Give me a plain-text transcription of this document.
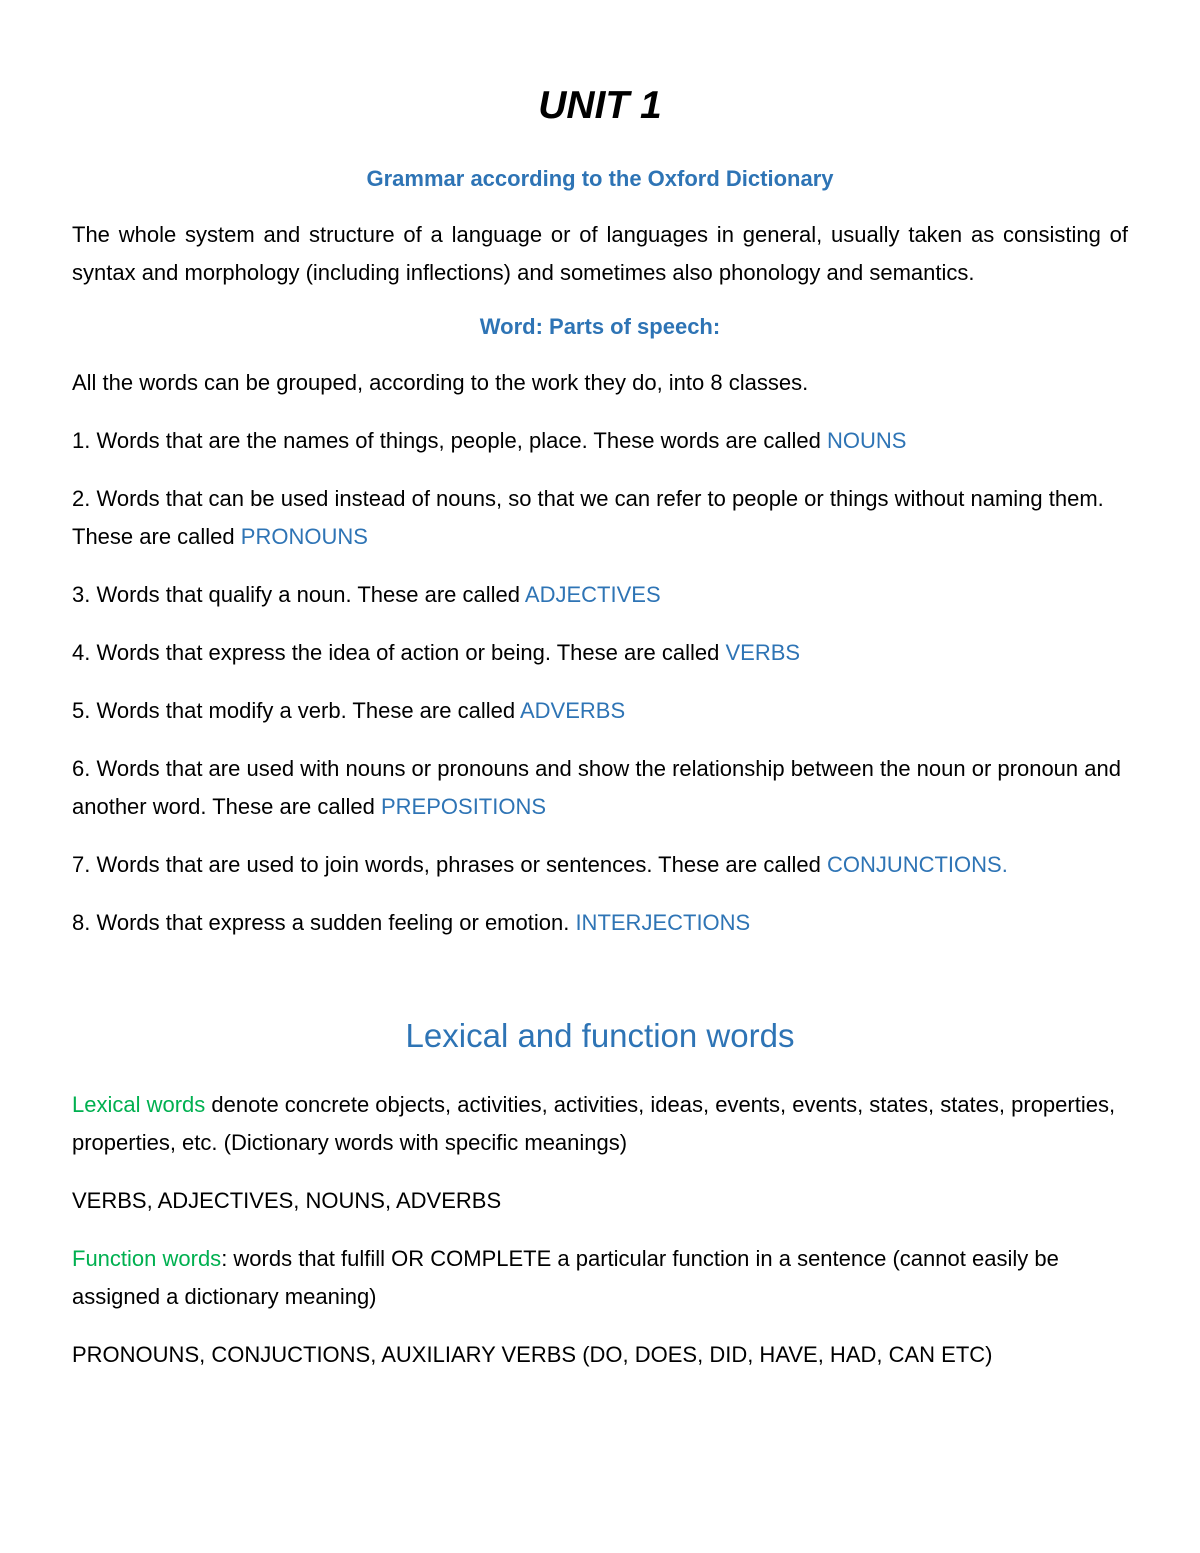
UNIT 1
Grammar according to the Oxford Dictionary

The whole system and structure of a language or of languages in general, usually taken as consisting of syntax and morphology (including inflections) and sometimes also phonology and semantics.

Word: Parts of speech:

All the words can be grouped, according to the work they do, into 8 classes.

1. Words that are the names of things, people, place. These words are called NOUNS
2. Words that can be used instead of nouns, so that we can refer to people or things without naming them. These are called PRONOUNS
3. Words that qualify a noun. These are called ADJECTIVES
4. Words that express the idea of action or being. These are called VERBS
5. Words that modify a verb. These are called ADVERBS
6. Words that are used with nouns or pronouns and show the relationship between the noun or pronoun and another word. These are called PREPOSITIONS
7. Words that are used to join words, phrases or sentences. These are called CONJUNCTIONS.
8. Words that express a sudden feeling or emotion. INTERJECTIONS
Lexical and function words

Lexical words denote concrete objects, activities, activities, ideas, events, events, states, states, properties, properties, etc. (Dictionary words with specific meanings)

VERBS, ADJECTIVES, NOUNS, ADVERBS

Function words: words that fulfill OR COMPLETE a particular function in a sentence (cannot easily be assigned a dictionary meaning)

PRONOUNS, CONJUCTIONS, AUXILIARY VERBS (DO, DOES, DID, HAVE, HAD, CAN ETC)
